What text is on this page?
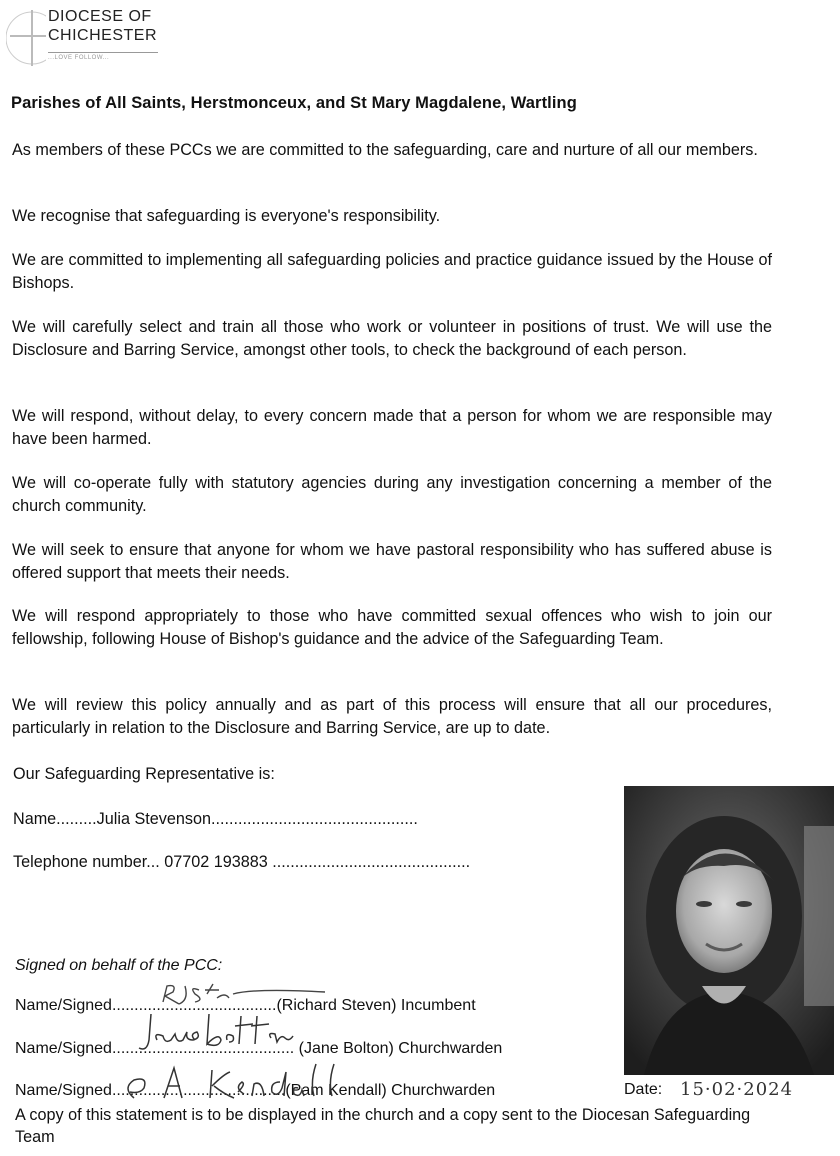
DIOCESE OF
CHICHESTER
...LOVE FOLLOW...
Parishes of All Saints, Herstmonceux, and St Mary Magdalene, Wartling

As members of these PCCs we are committed to the safeguarding, care and nurture of all our members.

We recognise that safeguarding is everyone's responsibility.

We are committed to implementing all safeguarding policies and practice guidance issued by the House of Bishops.

We will carefully select and train all those who work or volunteer in positions of trust. We will use the Disclosure and Barring Service, amongst other tools, to check the background of each person.

We will respond, without delay, to every concern made that a person for whom we are responsible may have been harmed.

We will co-operate fully with statutory agencies during any investigation concerning a member of the church community.

We will seek to ensure that anyone for whom we have pastoral responsibility who has suffered abuse is offered support that meets their needs.

We will respond appropriately to those who have committed sexual offences who wish to join our fellowship, following House of Bishop's guidance and the advice of the Safeguarding Team.

We will review this policy annually and as part of this process will ensure that all our procedures, particularly in relation to the Disclosure and Barring Service, are up to date.

Our Safeguarding Representative is:
Name.........Julia Stevenson..............................................
Telephone number... 07702 193883 ............................................
Signed on behalf of the PCC:
Name/Signed.....................................(Richard Steven) Incumbent
Name/Signed......................................... (Jane Bolton) Churchwarden
Name/Signed.......................................(Pam Kendall) Churchwarden	Date: 15·02·2024

A copy of this statement is to be displayed in the church and a copy sent to the Diocesan Safeguarding Team
